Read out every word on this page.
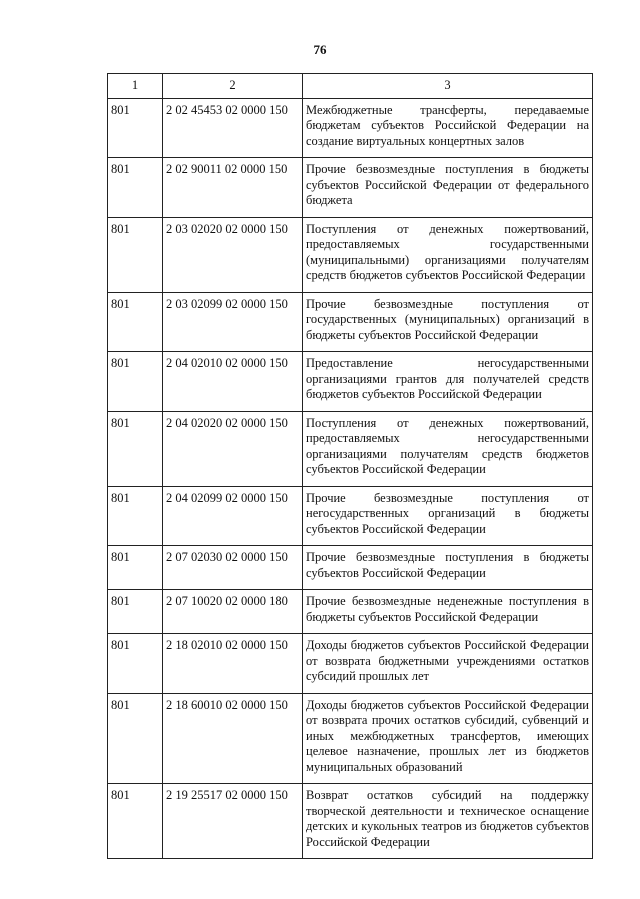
76
1	2	3
801	2 02 45453 02 0000 150	Межбюджетные трансферты, передаваемые бюджетам субъектов Российской Федерации на создание виртуальных концертных залов
801	2 02 90011 02 0000 150	Прочие безвозмездные поступления в бюджеты субъектов Российской Федерации от федерального бюджета
801	2 03 02020 02 0000 150	Поступления от денежных пожертвований, предоставляемых государственными (муниципальными) организациями получателям средств бюджетов субъектов Российской Федерации
801	2 03 02099 02 0000 150	Прочие безвозмездные поступления от государственных (муниципальных) организаций в бюджеты субъектов Российской Федерации
801	2 04 02010 02 0000 150	Предоставление негосударственными организациями грантов для получателей средств бюджетов субъектов Российской Федерации
801	2 04 02020 02 0000 150	Поступления от денежных пожертвований, предоставляемых негосударственными организациями получателям средств бюджетов субъектов Российской Федерации
801	2 04 02099 02 0000 150	Прочие безвозмездные поступления от негосударственных организаций в бюджеты субъектов Российской Федерации
801	2 07 02030 02 0000 150	Прочие безвозмездные поступления в бюджеты субъектов Российской Федерации
801	2 07 10020 02 0000 180	Прочие безвозмездные неденежные поступления в бюджеты субъектов Российской Федерации
801	2 18 02010 02 0000 150	Доходы бюджетов субъектов Российской Федерации от возврата бюджетными учреждениями остатков субсидий прошлых лет
801	2 18 60010 02 0000 150	Доходы бюджетов субъектов Российской Федерации от возврата прочих остатков субсидий, субвенций и иных межбюджетных трансфертов, имеющих целевое назначение, прошлых лет из бюджетов муниципальных образований
801	2 19 25517 02 0000 150	Возврат остатков субсидий на поддержку творческой деятельности и техническое оснащение детских и кукольных театров из бюджетов субъектов Российской Федерации
